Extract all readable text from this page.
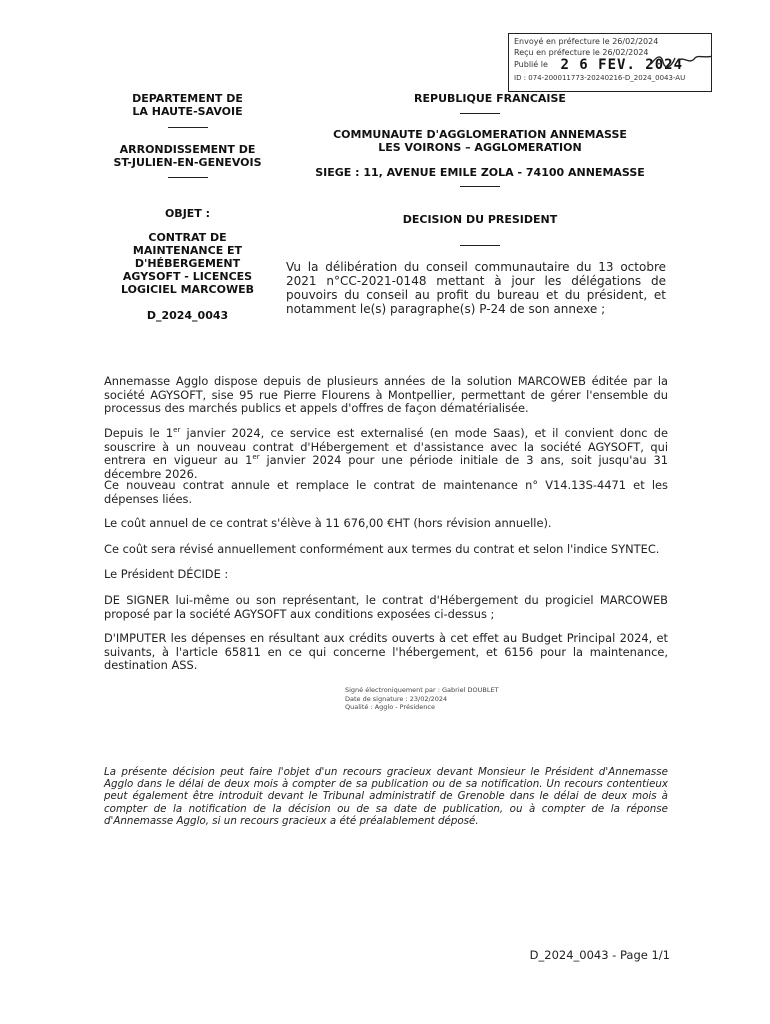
Envoyé en préfecture le 26/02/2024
Reçu en préfecture le 26/02/2024
Publié le 2 6 FEV. 2024
ID : 074-200011773-20240216-D_2024_0043-AU
DEPARTEMENT DE
LA HAUTE-SAVOIE
ARRONDISSEMENT DE
ST-JULIEN-EN-GENEVOIS
OBJET :
CONTRAT DE
MAINTENANCE ET
D'HÉBERGEMENT
AGYSOFT - LICENCES
LOGICIEL MARCOWEB
D_2024_0043
REPUBLIQUE FRANCAISE
COMMUNAUTE D'AGGLOMERATION ANNEMASSE
LES VOIRONS – AGGLOMERATION
SIEGE : 11, AVENUE EMILE ZOLA - 74100 ANNEMASSE
DECISION DU PRESIDENT
Vu la délibération du conseil communautaire du 13 octobre 2021 n°CC-2021-0148 mettant à jour les délégations de pouvoirs du conseil au profit du bureau et du président, et notamment le(s) paragraphe(s) P-24 de son annexe ;
Annemasse Agglo dispose depuis de plusieurs années de la solution MARCOWEB éditée par la société AGYSOFT, sise 95 rue Pierre Flourens à Montpellier, permettant de gérer l'ensemble du processus des marchés publics et appels d'offres de façon dématérialisée.
Depuis le 1er janvier 2024, ce service est externalisé (en mode Saas), et il convient donc de souscrire à un nouveau contrat d'Hébergement et d'assistance avec la société AGYSOFT, qui entrera en vigueur au 1er janvier 2024 pour une période initiale de 3 ans, soit jusqu'au 31 décembre 2026.
Ce nouveau contrat annule et remplace le contrat de maintenance n° V14.13S-4471 et les dépenses liées.
Le coût annuel de ce contrat s'élève à 11 676,00 €HT (hors révision annuelle).
Ce coût sera révisé annuellement conformément aux termes du contrat et selon l'indice SYNTEC.
Le Président DÉCIDE :
DE SIGNER lui-même ou son représentant, le contrat d'Hébergement du progiciel MARCOWEB proposé par la société AGYSOFT aux conditions exposées ci-dessus ;
D'IMPUTER les dépenses en résultant aux crédits ouverts à cet effet au Budget Principal 2024, et suivants, à l'article 65811 en ce qui concerne l'hébergement, et 6156 pour la maintenance, destination ASS.
Signé électroniquement par : Gabriel DOUBLET
Date de signature : 23/02/2024
Qualité : Agglo - Présidence
La présente décision peut faire l'objet d'un recours gracieux devant Monsieur le Président d'Annemasse Agglo dans le délai de deux mois à compter de sa publication ou de sa notification. Un recours contentieux peut également être introduit devant le Tribunal administratif de Grenoble dans le délai de deux mois à compter de la notification de la décision ou de sa date de publication, ou à compter de la réponse d'Annemasse Agglo, si un recours gracieux a été préalablement déposé.
D_2024_0043 - Page 1/1
